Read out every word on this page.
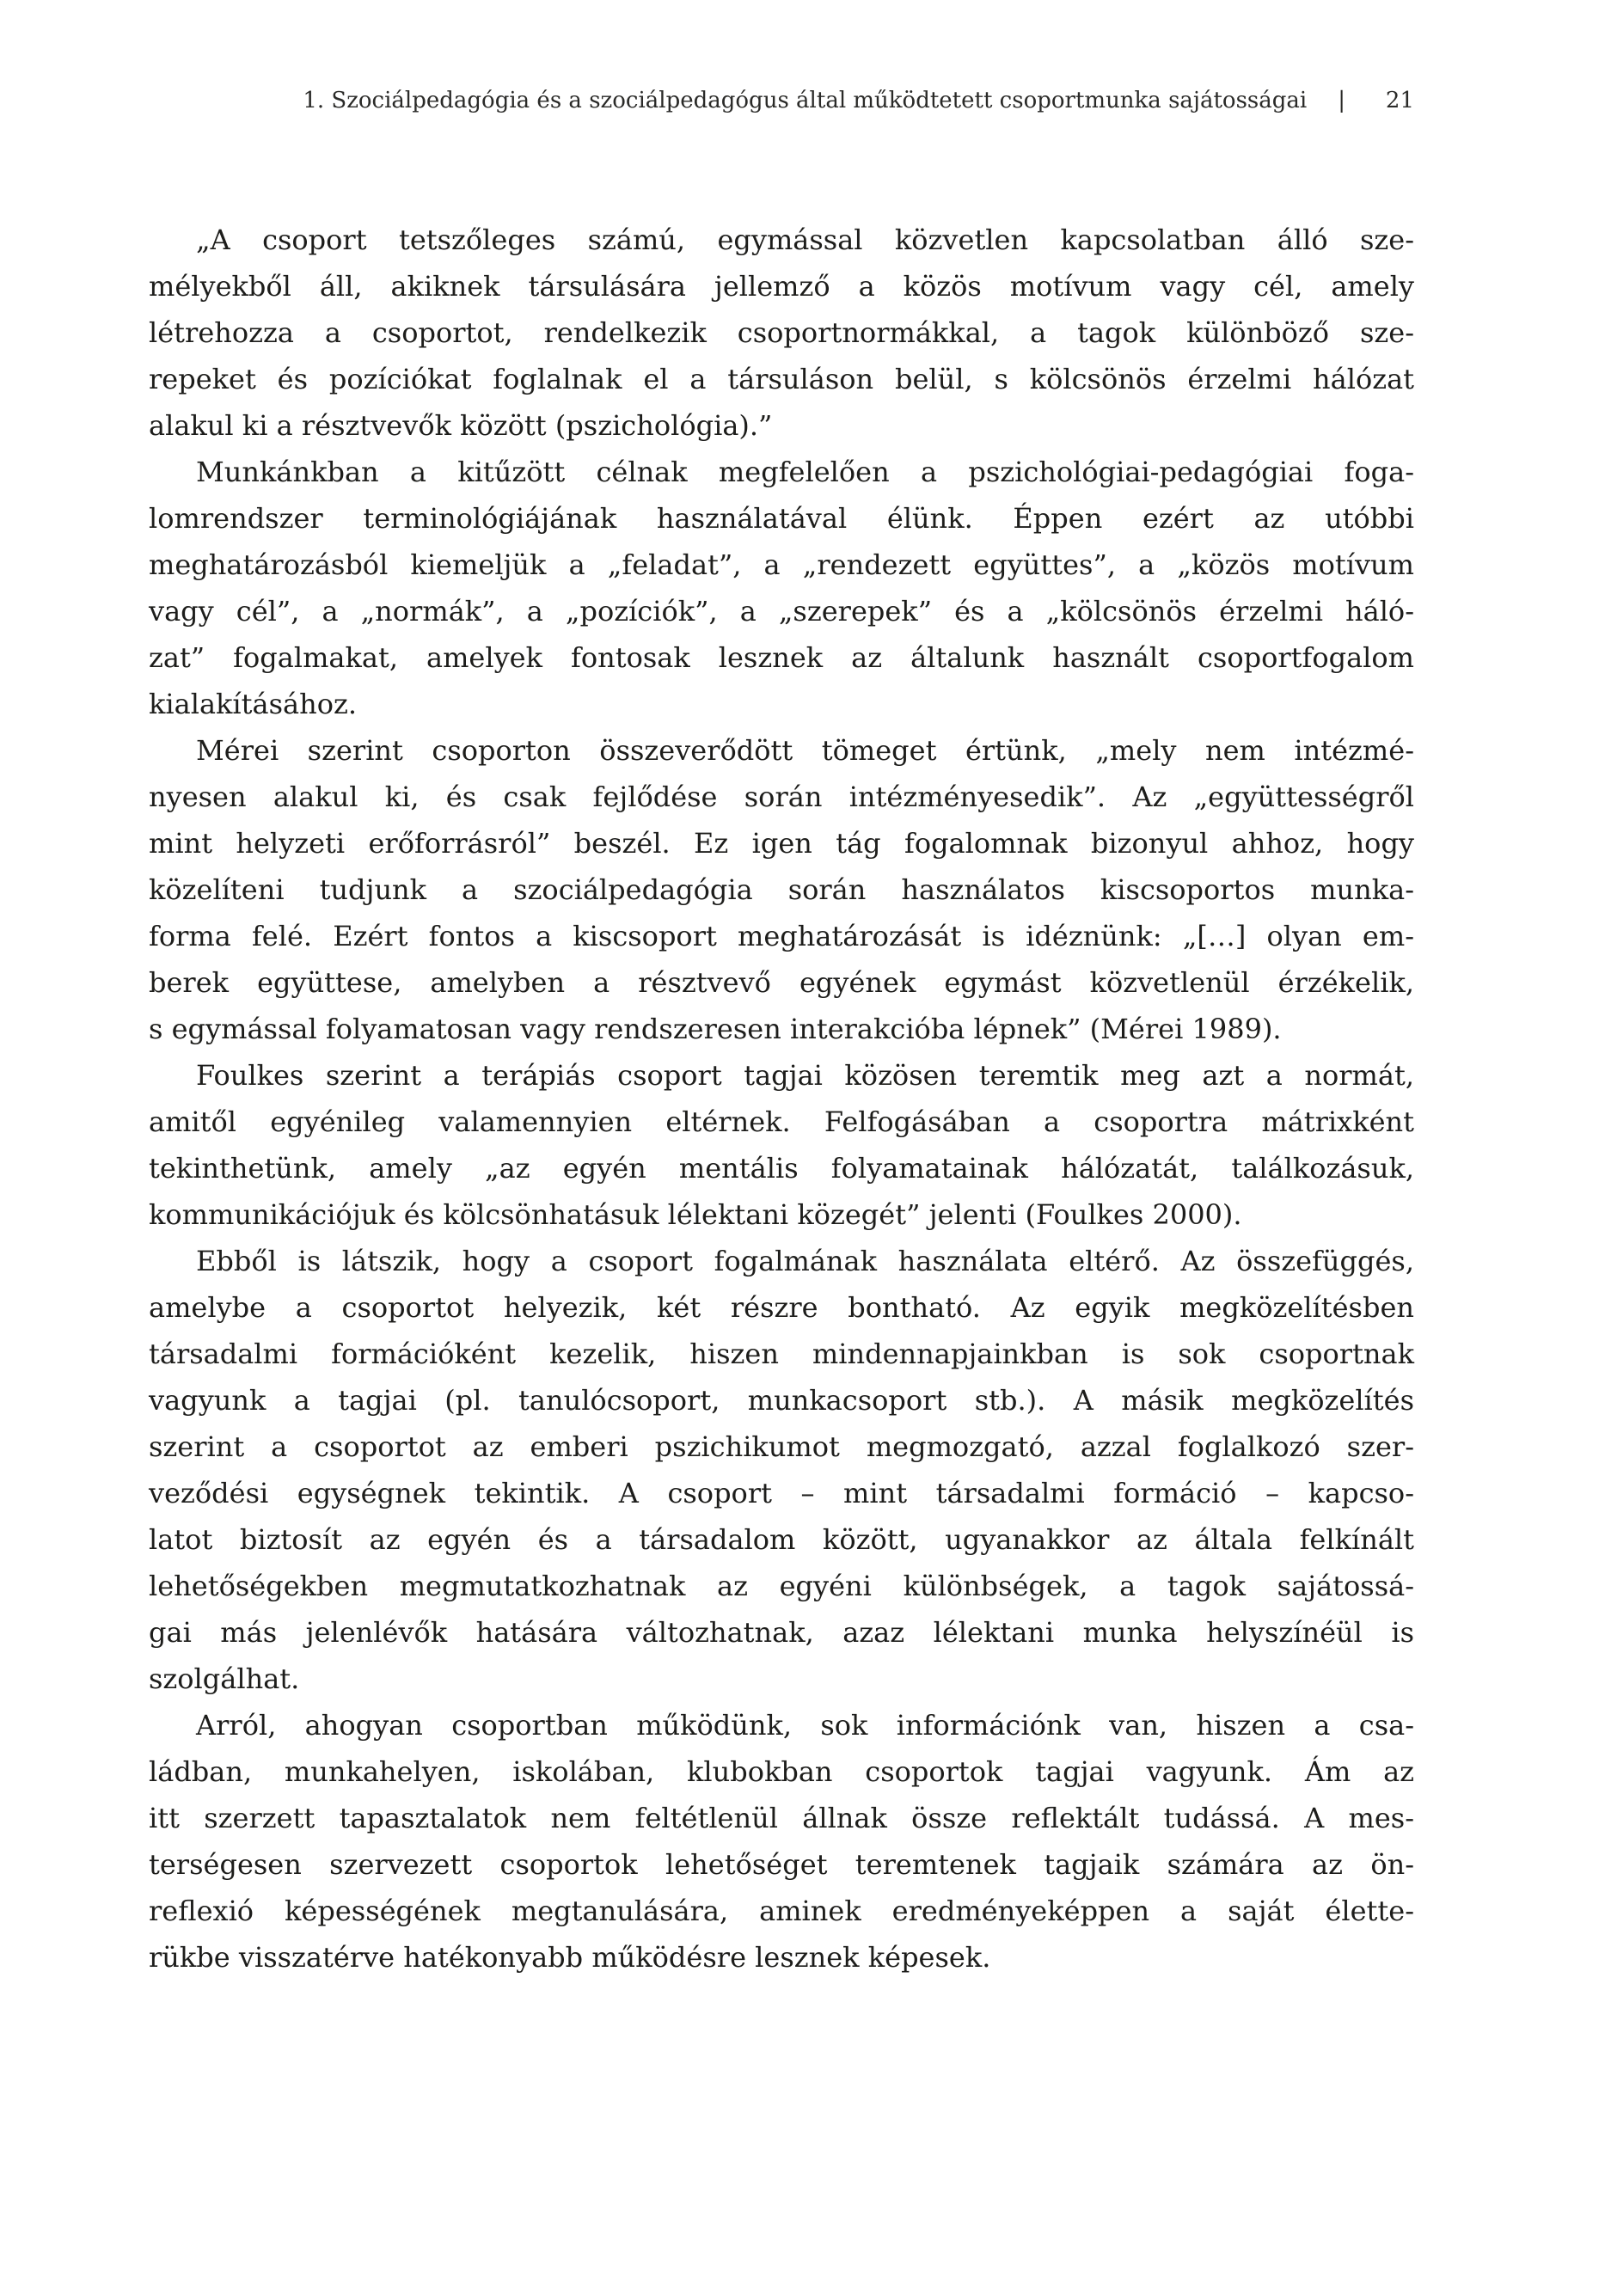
1. Szociálpedagógia és a szociálpedagógus által működtetett csoportmunka sajátosságai |	21

„A csoport tetszőleges számú, egymással közvetlen kapcsolatban álló sze-
mélyekből áll, akiknek társulására jellemző a közös motívum vagy cél, amely
létrehozza a csoportot, rendelkezik csoportnormákkal, a tagok különböző sze-
repeket és pozíciókat foglalnak el a társuláson belül, s kölcsönös érzelmi hálózat
alakul ki a résztvevők között (pszichológia).”

Munkánkban a kitűzött célnak megfelelően a pszichológiai-pedagógiai foga-
lomrendszer terminológiájának használatával élünk. Éppen ezért az utóbbi
meghatározásból kiemeljük a „feladat”, a „rendezett együttes”, a „közös motívum
vagy cél”, a „normák”, a „pozíciók”, a „szerepek” és a „kölcsönös érzelmi háló-
zat” fogalmakat, amelyek fontosak lesznek az általunk használt csoportfogalom
kialakításához.

Mérei szerint csoporton összeverődött tömeget értünk, „mely nem intézmé-
nyesen alakul ki, és csak fejlődése során intézményesedik”. Az „együttességről
mint helyzeti erőforrásról” beszél. Ez igen tág fogalomnak bizonyul ahhoz, hogy
közelíteni tudjunk a szociálpedagógia során használatos kiscsoportos munka-
forma felé. Ezért fontos a kiscsoport meghatározását is idéznünk: „[…] olyan em-
berek együttese, amelyben a résztvevő egyének egymást közvetlenül érzékelik,
s egymással folyamatosan vagy rendszeresen interakcióba lépnek” (Mérei 1989).

Foulkes szerint a terápiás csoport tagjai közösen teremtik meg azt a normát,
amitől egyénileg valamennyien eltérnek. Felfogásában a csoportra mátrixként
tekinthetünk, amely „az egyén mentális folyamatainak hálózatát, találkozásuk,
kommunikációjuk és kölcsönhatásuk lélektani közegét” jelenti (Foulkes 2000).

Ebből is látszik, hogy a csoport fogalmának használata eltérő. Az összefüggés,
amelybe a csoportot helyezik, két részre bontható. Az egyik megközelítésben
társadalmi formációként kezelik, hiszen mindennapjainkban is sok csoportnak
vagyunk a tagjai (pl. tanulócsoport, munkacsoport stb.). A másik megközelítés
szerint a csoportot az emberi pszichikumot megmozgató, azzal foglalkozó szer-
veződési egységnek tekintik. A csoport – mint társadalmi formáció – kapcso-
latot biztosít az egyén és a társadalom között, ugyanakkor az általa felkínált
lehetőségekben megmutatkozhatnak az egyéni különbségek, a tagok sajátossá-
gai más jelenlévők hatására változhatnak, azaz lélektani munka helyszínéül is
szolgálhat.

Arról, ahogyan csoportban működünk, sok információnk van, hiszen a csa-
ládban, munkahelyen, iskolában, klubokban csoportok tagjai vagyunk. Ám az
itt szerzett tapasztalatok nem feltétlenül állnak össze reflektált tudássá. A mes-
terségesen szervezett csoportok lehetőséget teremtenek tagjaik számára az ön-
reflexió képességének megtanulására, aminek eredményeképpen a saját élette-
rükbe visszatérve hatékonyabb működésre lesznek képesek.
